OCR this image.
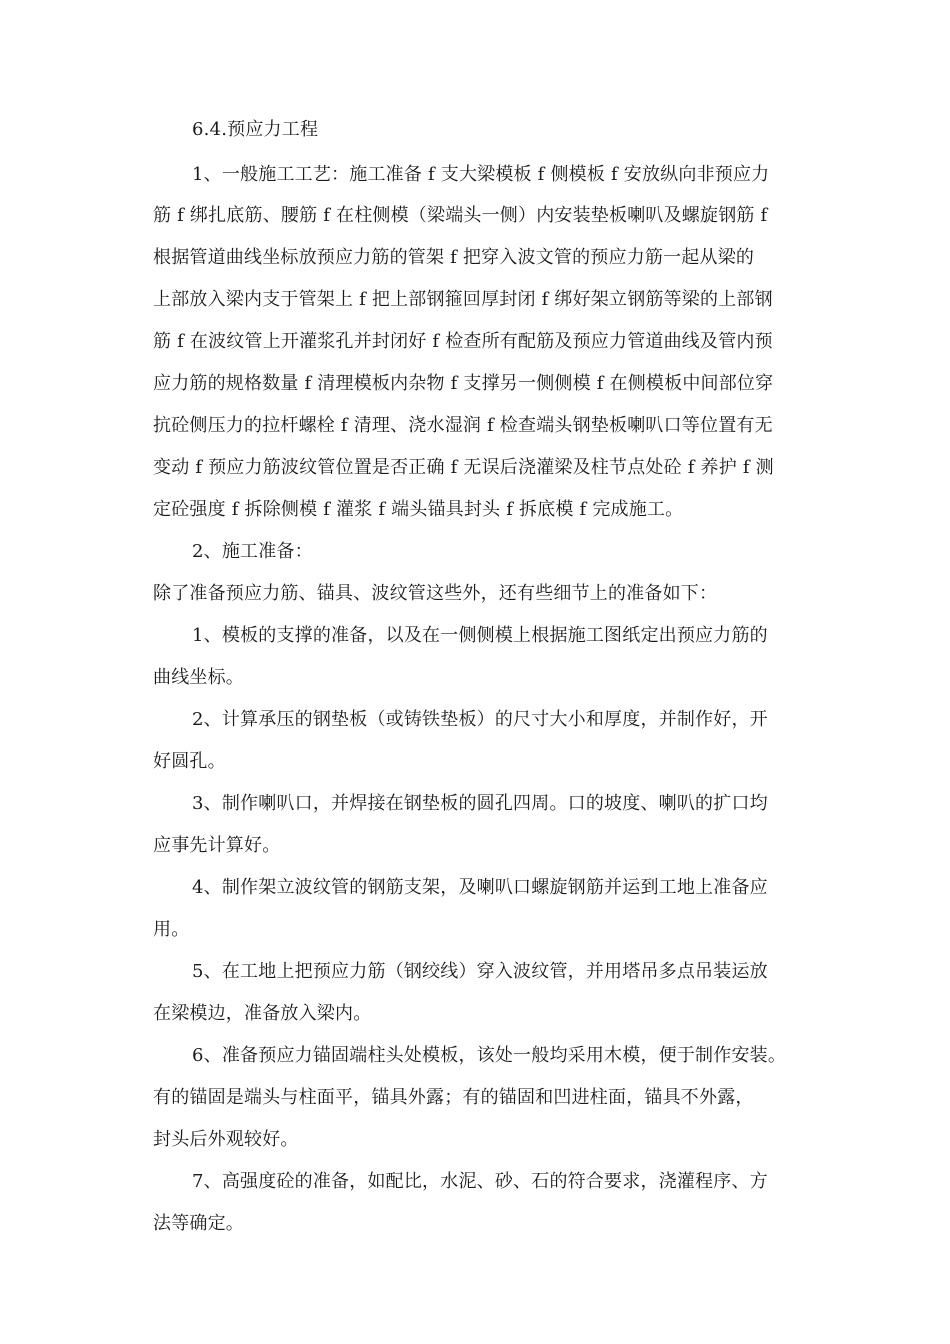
6.4.预应力工程
1、一般施工工艺：施工准备 f 支大梁模板 f 侧模板 f 安放纵向非预应力
筋 f 绑扎底筋、腰筋 f 在柱侧模（梁端头一侧）内安装垫板喇叭及螺旋钢筋 f
根据管道曲线坐标放预应力筋的管架 f 把穿入波文管的预应力筋一起从梁的
上部放入梁内支于管架上 f 把上部钢箍回厚封闭 f 绑好架立钢筋等梁的上部钢
筋 f 在波纹管上开灌浆孔并封闭好 f 检查所有配筋及预应力管道曲线及管内预
应力筋的规格数量 f 清理模板内杂物 f 支撑另一侧侧模 f 在侧模板中间部位穿
抗砼侧压力的拉杆螺栓 f 清理、浇水湿润 f 检查端头钢垫板喇叭口等位置有无
变动 f 预应力筋波纹管位置是否正确 f 无误后浇灌梁及柱节点处砼 f 养护 f 测
定砼强度 f 拆除侧模 f 灌浆 f 端头锚具封头 f 拆底模 f 完成施工。
2、施工准备：
除了准备预应力筋、锚具、波纹管这些外，还有些细节上的准备如下：
1、模板的支撑的准备，以及在一侧侧模上根据施工图纸定出预应力筋的
曲线坐标。
2、计算承压的钢垫板（或铸铁垫板）的尺寸大小和厚度，并制作好，开
好圆孔。
3、制作喇叭口，并焊接在钢垫板的圆孔四周。口的坡度、喇叭的扩口均
应事先计算好。
4、制作架立波纹管的钢筋支架，及喇叭口螺旋钢筋并运到工地上准备应
用。
5、在工地上把预应力筋（钢绞线）穿入波纹管，并用塔吊多点吊装运放
在梁模边，准备放入梁内。
6、准备预应力锚固端柱头处模板，该处一般均采用木模，便于制作安装。
有的锚固是端头与柱面平，锚具外露；有的锚固和凹进柱面，锚具不外露，
封头后外观较好。
7、高强度砼的准备，如配比，水泥、砂、石的符合要求，浇灌程序、方
法等确定。
